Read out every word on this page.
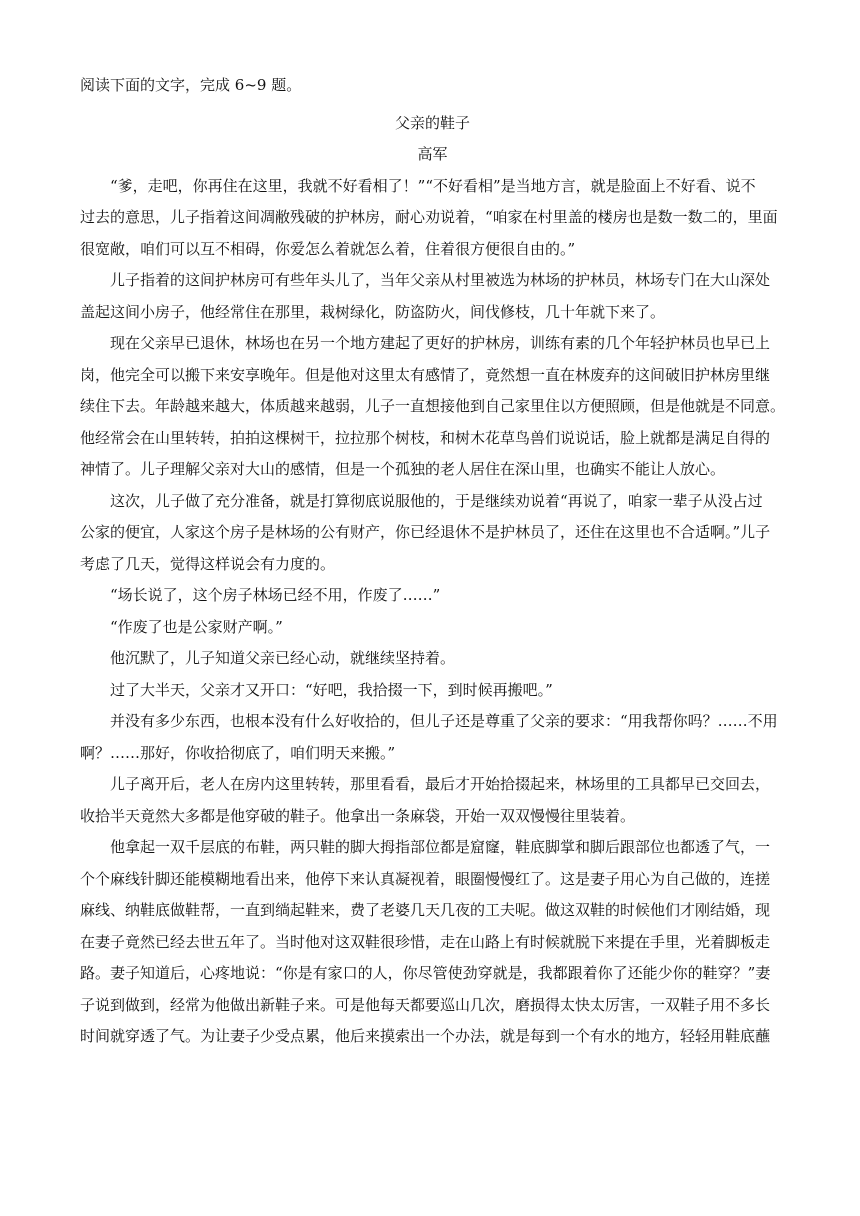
阅读下面的文字，完成 6~9 题。
父亲的鞋子
高军
“爹，走吧，你再住在这里，我就不好看相了！”“不好看相”是当地方言，就是脸面上不好看、说不
过去的意思，儿子指着这间凋敝残破的护林房，耐心劝说着，“咱家在村里盖的楼房也是数一数二的，里面
很宽敞，咱们可以互不相碍，你爱怎么着就怎么着，住着很方便很自由的。”
儿子指着的这间护林房可有些年头儿了，当年父亲从村里被选为林场的护林员，林场专门在大山深处
盖起这间小房子，他经常住在那里，栽树绿化，防盗防火，间伐修枝，几十年就下来了。
现在父亲早已退休，林场也在另一个地方建起了更好的护林房，训练有素的几个年轻护林员也早已上
岗，他完全可以搬下来安享晚年。但是他对这里太有感情了，竟然想一直在林废弃的这间破旧护林房里继
续住下去。年龄越来越大，体质越来越弱，儿子一直想接他到自己家里住以方便照顾，但是他就是不同意。
他经常会在山里转转，拍拍这棵树干，拉拉那个树枝，和树木花草鸟兽们说说话，脸上就都是满足自得的
神情了。儿子理解父亲对大山的感情，但是一个孤独的老人居住在深山里，也确实不能让人放心。
这次，儿子做了充分准备，就是打算彻底说服他的，于是继续劝说着“再说了，咱家一辈子从没占过
公家的便宜，人家这个房子是林场的公有财产，你已经退休不是护林员了，还住在这里也不合适啊。”儿子
考虑了几天，觉得这样说会有力度的。
“场长说了，这个房子林场已经不用，作废了……”
“作废了也是公家财产啊。”
他沉默了，儿子知道父亲已经心动，就继续坚持着。
过了大半天，父亲才又开口：“好吧，我拾掇一下，到时候再搬吧。”
并没有多少东西，也根本没有什么好收拾的，但儿子还是尊重了父亲的要求：“用我帮你吗？……不用
啊？……那好，你收拾彻底了，咱们明天来搬。”
儿子离开后，老人在房内这里转转，那里看看，最后才开始拾掇起来，林场里的工具都早已交回去，
收拾半天竟然大多都是他穿破的鞋子。他拿出一条麻袋，开始一双双慢慢往里装着。
他拿起一双千层底的布鞋，两只鞋的脚大拇指部位都是窟窿，鞋底脚掌和脚后跟部位也都透了气，一
个个麻线针脚还能模糊地看出来，他停下来认真凝视着，眼圈慢慢红了。这是妻子用心为自己做的，连搓
麻线、纳鞋底做鞋帮，一直到绱起鞋来，费了老婆几天几夜的工夫呢。做这双鞋的时候他们才刚结婚，现
在妻子竟然已经去世五年了。当时他对这双鞋很珍惜，走在山路上有时候就脱下来提在手里，光着脚板走
路。妻子知道后，心疼地说：“你是有家口的人，你尽管使劲穿就是，我都跟着你了还能少你的鞋穿？”妻
子说到做到，经常为他做出新鞋子来。可是他每天都要巡山几次，磨损得太快太厉害，一双鞋子用不多长
时间就穿透了气。为让妻子少受点累，他后来摸索出一个办法，就是每到一个有水的地方，轻轻用鞋底蘸
